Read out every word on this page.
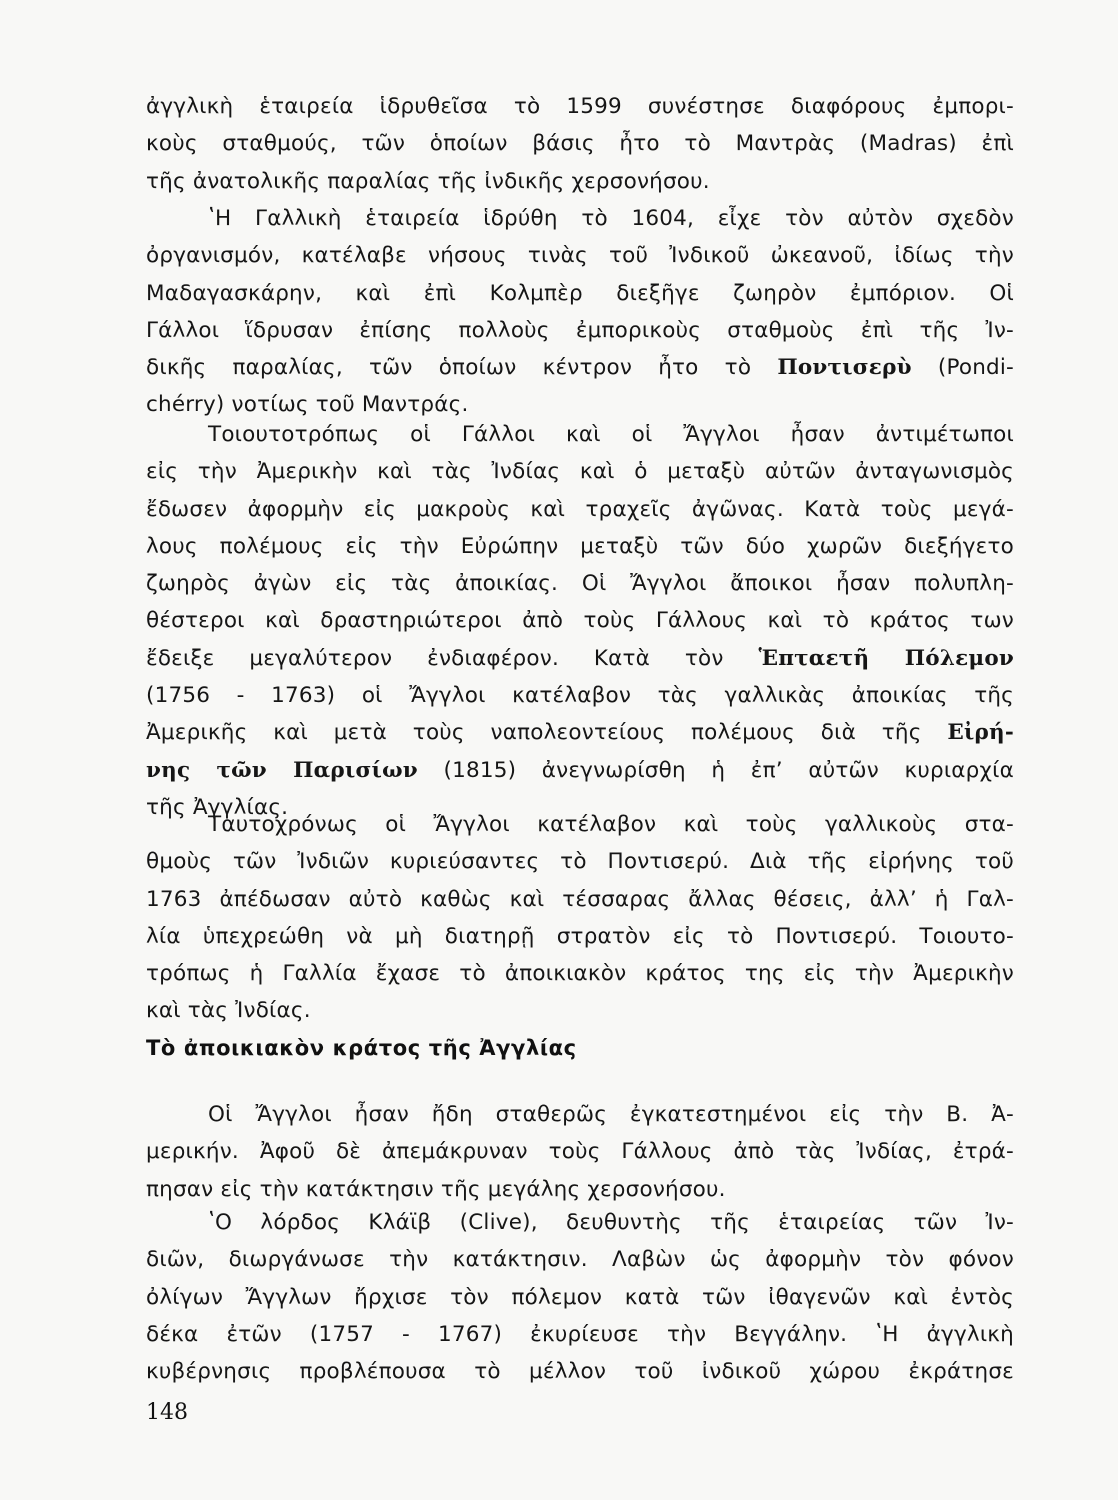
ἀγγλικὴ ἑταιρεία ἱδρυθεῖσα τὸ 1599 συνέστησε διαφόρους ἐμπορι-
κοὺς σταθμούς, τῶν ὁποίων βάσις ἦτο τὸ Μαντρὰς (Madras) ἐπὶ
τῆς ἀνατολικῆς παραλίας τῆς ἰνδικῆς χερσονήσου.
ʽΗ Γαλλικὴ ἑταιρεία ἱδρύθη τὸ 1604, εἶχε τὸν αὐτὸν σχεδὸν
ὀργανισμόν, κατέλαβε νήσους τινὰς τοῦ Ἰνδικοῦ ὠκεανοῦ, ἰδίως τὴν
Μαδαγασκάρην, καὶ ἐπὶ Κολμπὲρ διεξῆγε ζωηρὸν ἐμπόριον. Οἱ
Γάλλοι ἵδρυσαν ἐπίσης πολλοὺς ἐμπορικοὺς σταθμοὺς ἐπὶ τῆς Ἰν-
δικῆς παραλίας, τῶν ὁποίων κέντρον ἦτο τὸ Ποντισερὺ (Pondi-
chérry) νοτίως τοῦ Μαντράς.
Τοιουτοτρόπως οἱ Γάλλοι καὶ οἱ Ἄγγλοι ἦσαν ἀντιμέτωποι
εἰς τὴν Ἀμερικὴν καὶ τὰς Ἰνδίας καὶ ὁ μεταξὺ αὐτῶν ἀνταγωνισμὸς
ἔδωσεν ἀφορμὴν εἰς μακροὺς καὶ τραχεῖς ἀγῶνας. Κατὰ τοὺς μεγά-
λους πολέμους εἰς τὴν Εὐρώπην μεταξὺ τῶν δύο χωρῶν διεξήγετο
ζωηρὸς ἀγὼν εἰς τὰς ἀποικίας. Οἱ Ἄγγλοι ἄποικοι ἦσαν πολυπλη-
θέστεροι καὶ δραστηριώτεροι ἀπὸ τοὺς Γάλλους καὶ τὸ κράτος των
ἔδειξε μεγαλύτερον ἐνδιαφέρον. Κατὰ τὸν Ἑπταετῆ Πόλεμον
(1756 - 1763) οἱ Ἄγγλοι κατέλαβον τὰς γαλλικὰς ἀποικίας τῆς
Ἀμερικῆς καὶ μετὰ τοὺς ναπολεοντείους πολέμους διὰ τῆς Εἰρή-
νης τῶν Παρισίων (1815) ἀνεγνωρίσθη ἡ ἐπ’ αὐτῶν κυριαρχία
τῆς Ἀγγλίας.
Ταυτοχρόνως οἱ Ἄγγλοι κατέλαβον καὶ τοὺς γαλλικοὺς στα-
θμοὺς τῶν Ἰνδιῶν κυριεύσαντες τὸ Ποντισερύ. Διὰ τῆς εἰρήνης τοῦ
1763 ἀπέδωσαν αὐτὸ καθὼς καὶ τέσσαρας ἄλλας θέσεις, ἀλλ’ ἡ Γαλ-
λία ὑπεχρεώθη νὰ μὴ διατηρῇ στρατὸν εἰς τὸ Ποντισερύ. Τοιουτο-
τρόπως ἡ Γαλλία ἔχασε τὸ ἀποικιακὸν κράτος της εἰς τὴν Ἀμερικὴν
καὶ τὰς Ἰνδίας.
Τὸ ἀποικιακὸν κράτος τῆς Ἀγγλίας
Οἱ Ἄγγλοι ἦσαν ἤδη σταθερῶς ἐγκατεστημένοι εἰς τὴν Β. Ἀ-
μερικήν. Ἀφοῦ δὲ ἀπεμάκρυναν τοὺς Γάλλους ἀπὸ τὰς Ἰνδίας, ἐτρά-
πησαν εἰς τὴν κατάκτησιν τῆς μεγάλης χερσονήσου.
ʽΟ λόρδος Κλάϊβ (Clive), δευθυντὴς τῆς ἑταιρείας τῶν Ἰν-
διῶν, διωργάνωσε τὴν κατάκτησιν. Λαβὼν ὡς ἀφορμὴν τὸν φόνον
ὀλίγων Ἄγγλων ἤρχισε τὸν πόλεμον κατὰ τῶν ἰθαγενῶν καὶ ἐντὸς
δέκα ἐτῶν (1757 - 1767) ἐκυρίευσε τὴν Βεγγάλην. ʽΗ ἀγγλικὴ
κυβέρνησις προβλέπουσα τὸ μέλλον τοῦ ἰνδικοῦ χώρου ἐκράτησε
148
